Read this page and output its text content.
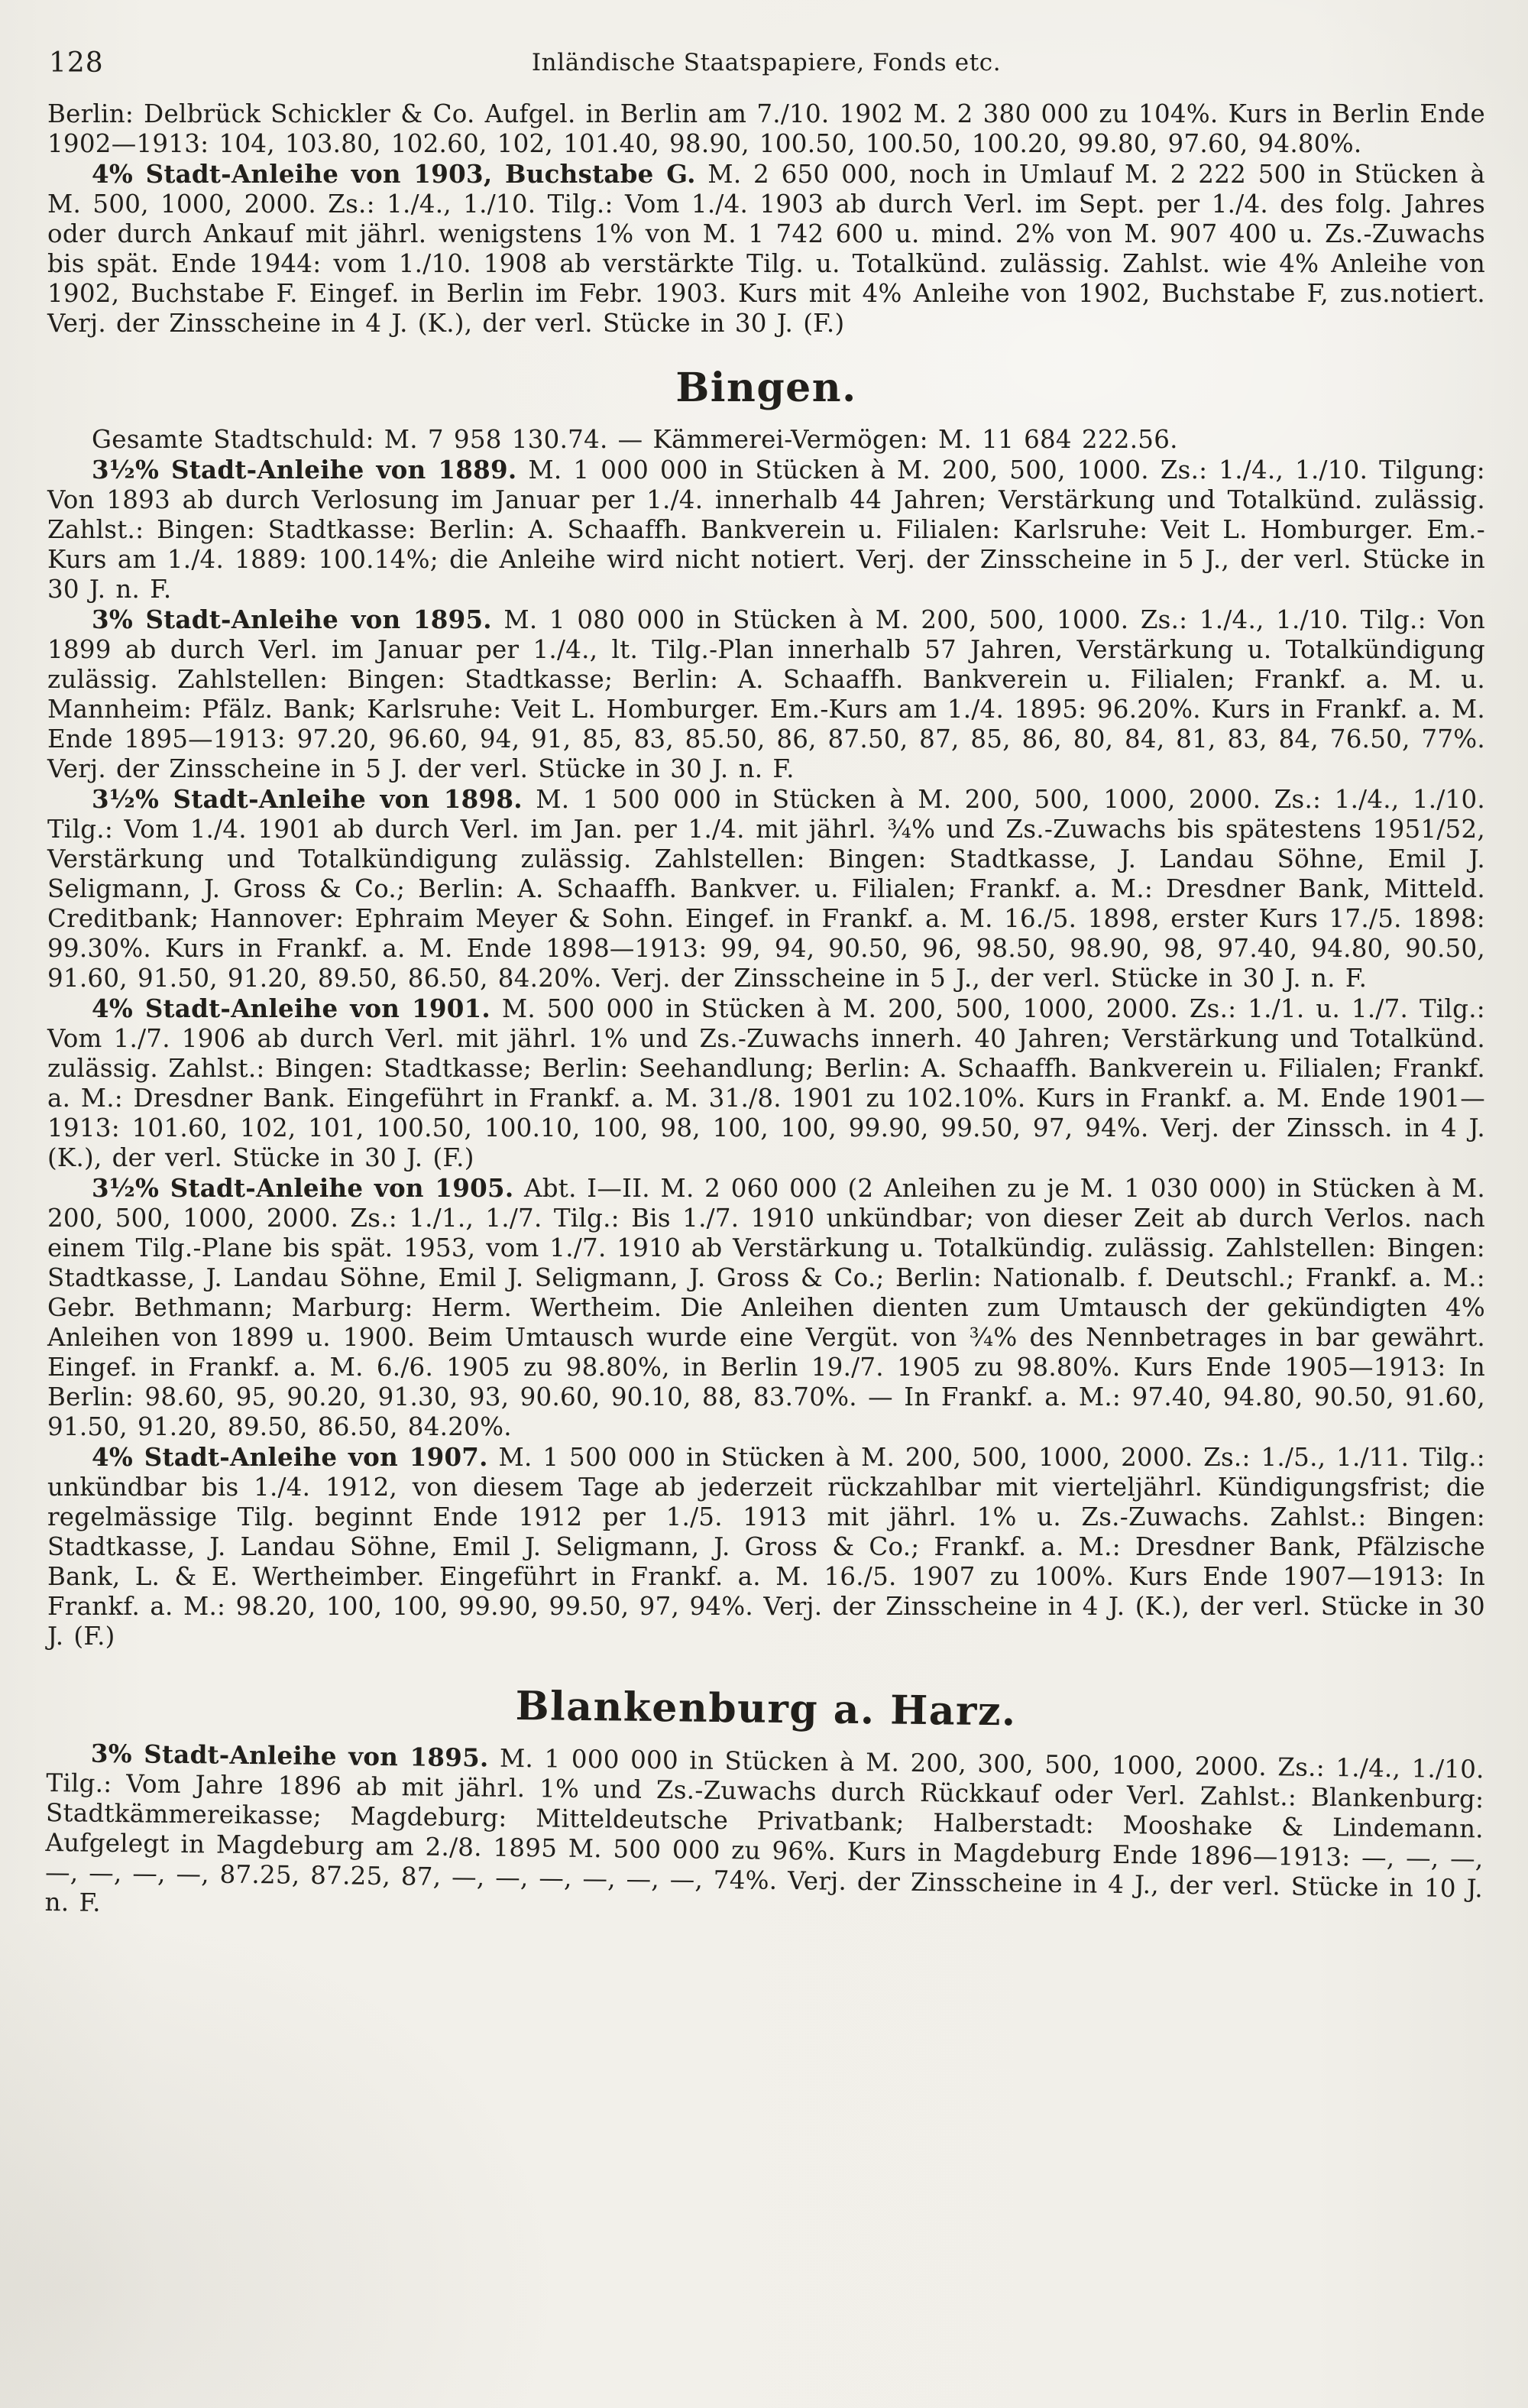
128	Inländische Staatspapiere, Fonds etc.

Berlin: Delbrück Schickler & Co. Aufgel. in Berlin am 7./10. 1902 M. 2 380 000 zu 104%. Kurs in Berlin Ende 1902—1913: 104, 103.80, 102.60, 102, 101.40, 98.90, 100.50, 100.50, 100.20, 99.80, 97.60, 94.80%.

4% Stadt-Anleihe von 1903, Buchstabe G. M. 2 650 000, noch in Umlauf M. 2 222 500 in Stücken à M. 500, 1000, 2000. Zs.: 1./4., 1./10. Tilg.: Vom 1./4. 1903 ab durch Verl. im Sept. per 1./4. des folg. Jahres oder durch Ankauf mit jährl. wenigstens 1% von M. 1 742 600 u. mind. 2% von M. 907 400 u. Zs.-Zuwachs bis spät. Ende 1944: vom 1./10. 1908 ab verstärkte Tilg. u. Totalkünd. zulässig. Zahlst. wie 4% Anleihe von 1902, Buchstabe F. Eingef. in Berlin im Febr. 1903. Kurs mit 4% Anleihe von 1902, Buchstabe F, zus.notiert. Verj. der Zinsscheine in 4 J. (K.), der verl. Stücke in 30 J. (F.)

Bingen.

Gesamte Stadtschuld: M. 7 958 130.74. — Kämmerei-Vermögen: M. 11 684 222.56.

3½% Stadt-Anleihe von 1889. M. 1 000 000 in Stücken à M. 200, 500, 1000. Zs.: 1./4., 1./10. Tilgung: Von 1893 ab durch Verlosung im Januar per 1./4. innerhalb 44 Jahren; Verstärkung und Totalkünd. zulässig. Zahlst.: Bingen: Stadtkasse: Berlin: A. Schaaffh. Bankverein u. Filialen: Karlsruhe: Veit L. Homburger. Em.-Kurs am 1./4. 1889: 100.14%; die Anleihe wird nicht notiert. Verj. der Zinsscheine in 5 J., der verl. Stücke in 30 J. n. F.

3% Stadt-Anleihe von 1895. M. 1 080 000 in Stücken à M. 200, 500, 1000. Zs.: 1./4., 1./10. Tilg.: Von 1899 ab durch Verl. im Januar per 1./4., lt. Tilg.-Plan innerhalb 57 Jahren, Verstärkung u. Totalkündigung zulässig. Zahlstellen: Bingen: Stadtkasse; Berlin: A. Schaaffh. Bankverein u. Filialen; Frankf. a. M. u. Mannheim: Pfälz. Bank; Karlsruhe: Veit L. Homburger. Em.-Kurs am 1./4. 1895: 96.20%. Kurs in Frankf. a. M. Ende 1895—1913: 97.20, 96.60, 94, 91, 85, 83, 85.50, 86, 87.50, 87, 85, 86, 80, 84, 81, 83, 84, 76.50, 77%. Verj. der Zinsscheine in 5 J. der verl. Stücke in 30 J. n. F.

3½% Stadt-Anleihe von 1898. M. 1 500 000 in Stücken à M. 200, 500, 1000, 2000. Zs.: 1./4., 1./10. Tilg.: Vom 1./4. 1901 ab durch Verl. im Jan. per 1./4. mit jährl. ¾% und Zs.-Zuwachs bis spätestens 1951/52, Verstärkung und Totalkündigung zulässig. Zahlstellen: Bingen: Stadtkasse, J. Landau Söhne, Emil J. Seligmann, J. Gross & Co.; Berlin: A. Schaaffh. Bankver. u. Filialen; Frankf. a. M.: Dresdner Bank, Mitteld. Creditbank; Hannover: Ephraim Meyer & Sohn. Eingef. in Frankf. a. M. 16./5. 1898, erster Kurs 17./5. 1898: 99.30%. Kurs in Frankf. a. M. Ende 1898—1913: 99, 94, 90.50, 96, 98.50, 98.90, 98, 97.40, 94.80, 90.50, 91.60, 91.50, 91.20, 89.50, 86.50, 84.20%. Verj. der Zinsscheine in 5 J., der verl. Stücke in 30 J. n. F.

4% Stadt-Anleihe von 1901. M. 500 000 in Stücken à M. 200, 500, 1000, 2000. Zs.: 1./1. u. 1./7. Tilg.: Vom 1./7. 1906 ab durch Verl. mit jährl. 1% und Zs.-Zuwachs innerh. 40 Jahren; Verstärkung und Totalkünd. zulässig. Zahlst.: Bingen: Stadtkasse; Berlin: Seehandlung; Berlin: A. Schaaffh. Bankverein u. Filialen; Frankf. a. M.: Dresdner Bank. Eingeführt in Frankf. a. M. 31./8. 1901 zu 102.10%. Kurs in Frankf. a. M. Ende 1901—1913: 101.60, 102, 101, 100.50, 100.10, 100, 98, 100, 100, 99.90, 99.50, 97, 94%. Verj. der Zinssch. in 4 J. (K.), der verl. Stücke in 30 J. (F.)

3½% Stadt-Anleihe von 1905. Abt. I—II. M. 2 060 000 (2 Anleihen zu je M. 1 030 000) in Stücken à M. 200, 500, 1000, 2000. Zs.: 1./1., 1./7. Tilg.: Bis 1./7. 1910 unkündbar; von dieser Zeit ab durch Verlos. nach einem Tilg.-Plane bis spät. 1953, vom 1./7. 1910 ab Verstärkung u. Totalkündig. zulässig. Zahlstellen: Bingen: Stadtkasse, J. Landau Söhne, Emil J. Seligmann, J. Gross & Co.; Berlin: Nationalb. f. Deutschl.; Frankf. a. M.: Gebr. Bethmann; Marburg: Herm. Wertheim. Die Anleihen dienten zum Umtausch der gekündigten 4% Anleihen von 1899 u. 1900. Beim Umtausch wurde eine Vergüt. von ¾% des Nennbetrages in bar gewährt. Eingef. in Frankf. a. M. 6./6. 1905 zu 98.80%, in Berlin 19./7. 1905 zu 98.80%. Kurs Ende 1905—1913: In Berlin: 98.60, 95, 90.20, 91.30, 93, 90.60, 90.10, 88, 83.70%. — In Frankf. a. M.: 97.40, 94.80, 90.50, 91.60, 91.50, 91.20, 89.50, 86.50, 84.20%.

4% Stadt-Anleihe von 1907. M. 1 500 000 in Stücken à M. 200, 500, 1000, 2000. Zs.: 1./5., 1./11. Tilg.: unkündbar bis 1./4. 1912, von diesem Tage ab jederzeit rückzahlbar mit vierteljährl. Kündigungsfrist; die regelmässige Tilg. beginnt Ende 1912 per 1./5. 1913 mit jährl. 1% u. Zs.-Zuwachs. Zahlst.: Bingen: Stadtkasse, J. Landau Söhne, Emil J. Seligmann, J. Gross & Co.; Frankf. a. M.: Dresdner Bank, Pfälzische Bank, L. & E. Wertheimber. Eingeführt in Frankf. a. M. 16./5. 1907 zu 100%. Kurs Ende 1907—1913: In Frankf. a. M.: 98.20, 100, 100, 99.90, 99.50, 97, 94%. Verj. der Zinsscheine in 4 J. (K.), der verl. Stücke in 30 J. (F.)

Blankenburg a. Harz.

3% Stadt-Anleihe von 1895. M. 1 000 000 in Stücken à M. 200, 300, 500, 1000, 2000. Zs.: 1./4., 1./10. Tilg.: Vom Jahre 1896 ab mit jährl. 1% und Zs.-Zuwachs durch Rückkauf oder Verl. Zahlst.: Blankenburg: Stadtkämmereikasse; Magdeburg: Mitteldeutsche Privatbank; Halberstadt: Mooshake & Lindemann. Aufgelegt in Magdeburg am 2./8. 1895 M. 500 000 zu 96%. Kurs in Magdeburg Ende 1896—1913: —, —, —, —, —, —, —, 87.25, 87.25, 87, —, —, —, —, —, —, 74%. Verj. der Zinsscheine in 4 J., der verl. Stücke in 10 J. n. F.
